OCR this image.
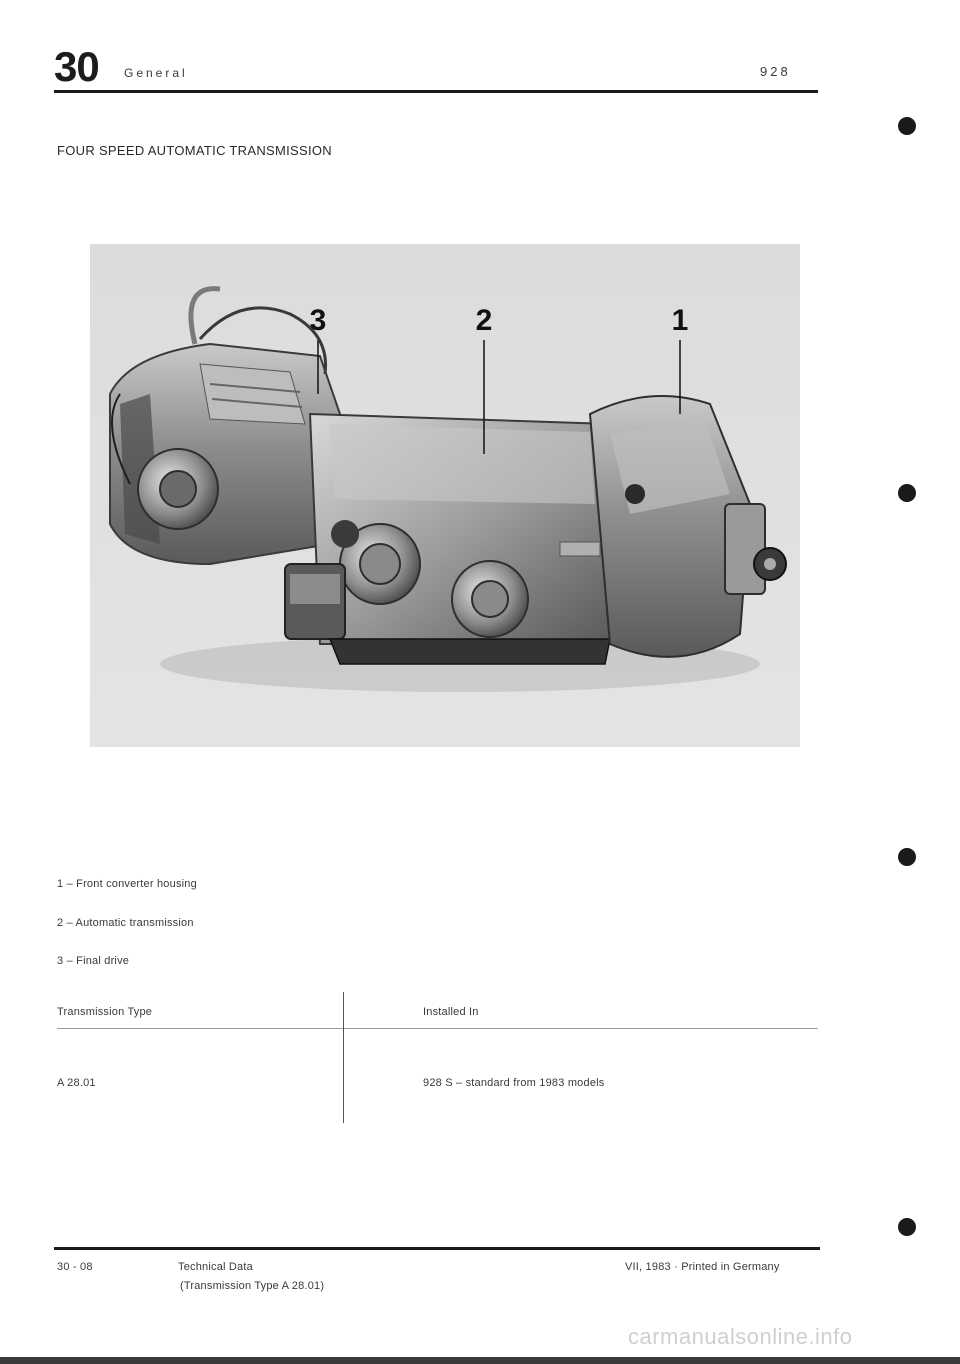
30 General	928
FOUR SPEED AUTOMATIC TRANSMISSION
3	2	1
1 – Front converter housing
2 – Automatic transmission
3 – Final drive
Transmission Type	Installed In
A 28.01	928 S – standard from 1983 models
30 - 08	Technical Data
(Transmission Type A 28.01)
VII, 1983 · Printed in Germany
carmanualsonline.info
